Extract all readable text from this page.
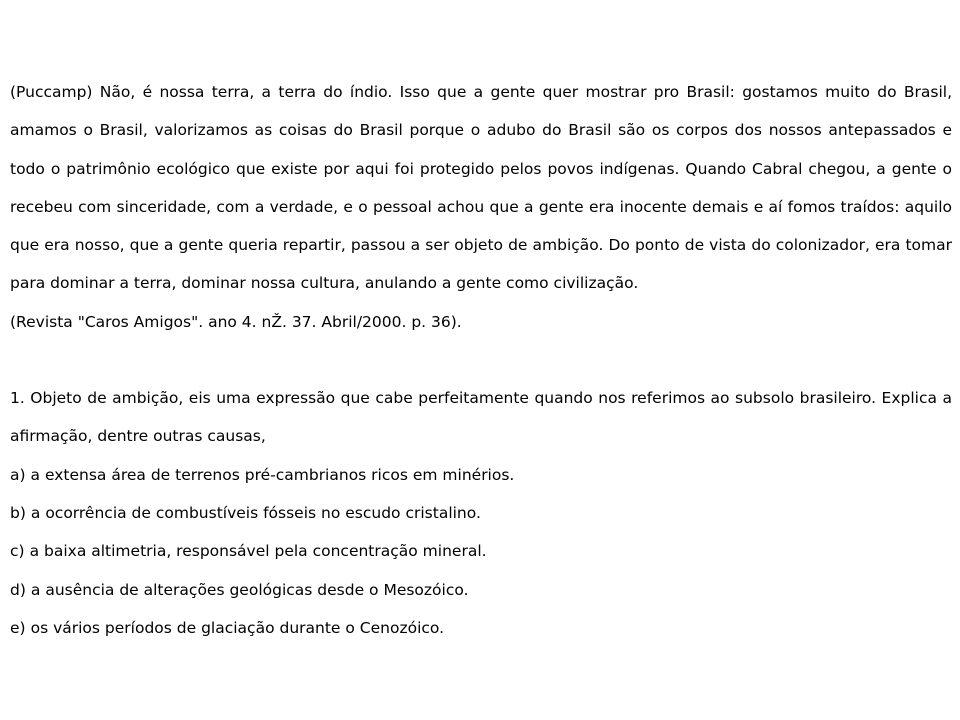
(Puccamp) Não, é nossa terra, a terra do índio. Isso que a gente quer mostrar pro Brasil: gostamos muito do Brasil, amamos o Brasil, valorizamos as coisas do Brasil porque o adubo do Brasil são os corpos dos nossos antepassados e todo o patrimônio ecológico que existe por aqui foi protegido pelos povos indígenas. Quando Cabral chegou, a gente o recebeu com sinceridade, com a verdade, e o pessoal achou que a gente era inocente demais e aí fomos traídos: aquilo que era nosso, que a gente queria repartir, passou a ser objeto de ambição. Do ponto de vista do colonizador, era tomar para dominar a terra, dominar nossa cultura, anulando a gente como civilização.

(Revista "Caros Amigos". ano 4. nŽ. 37. Abril/2000. p. 36).

1. Objeto de ambição, eis uma expressão que cabe perfeitamente quando nos referimos ao subsolo brasileiro. Explica a afirmação, dentre outras causas,

a) a extensa área de terrenos pré-cambrianos ricos em minérios.
b) a ocorrência de combustíveis fósseis no escudo cristalino.
c) a baixa altimetria, responsável pela concentração mineral.
d) a ausência de alterações geológicas desde o Mesozóico.
e) os vários períodos de glaciação durante o Cenozóico.
